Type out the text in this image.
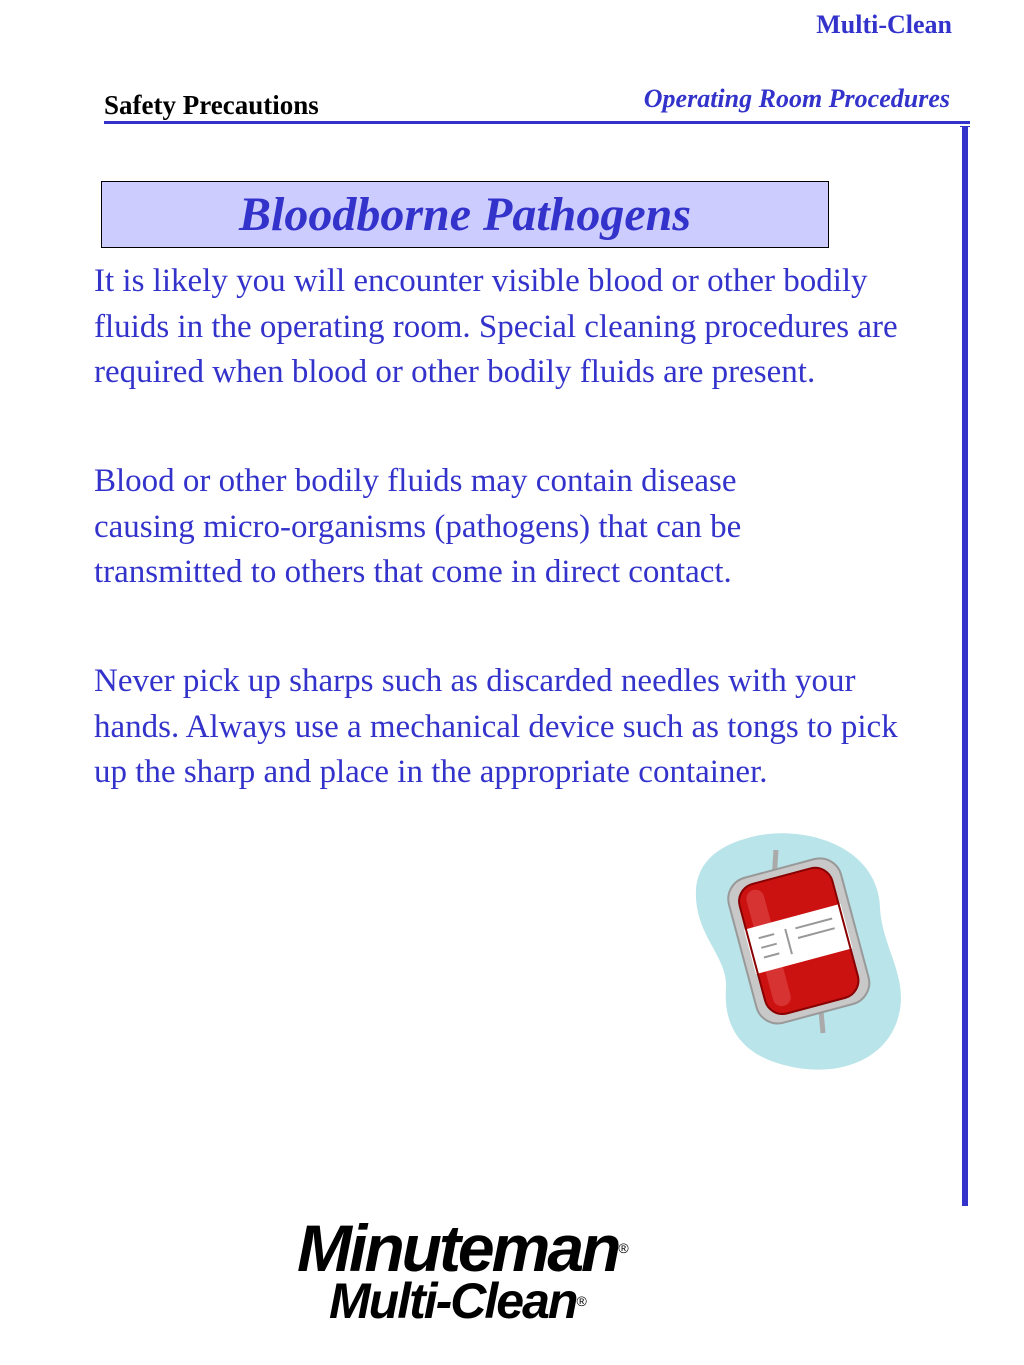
Multi-Clean
Safety Precautions	Operating Room Procedures
Bloodborne Pathogens

It is likely you will encounter visible blood or other bodily fluids in the operating room. Special cleaning procedures are required when blood or other bodily fluids are present.

Blood or other bodily fluids may contain disease causing micro-organisms (pathogens) that can be transmitted to others that come in direct contact.

Never pick up sharps such as discarded needles with your hands. Always use a mechanical device such as tongs to pick up the sharp and place in the appropriate container.

Minuteman®
Multi-Clean®
